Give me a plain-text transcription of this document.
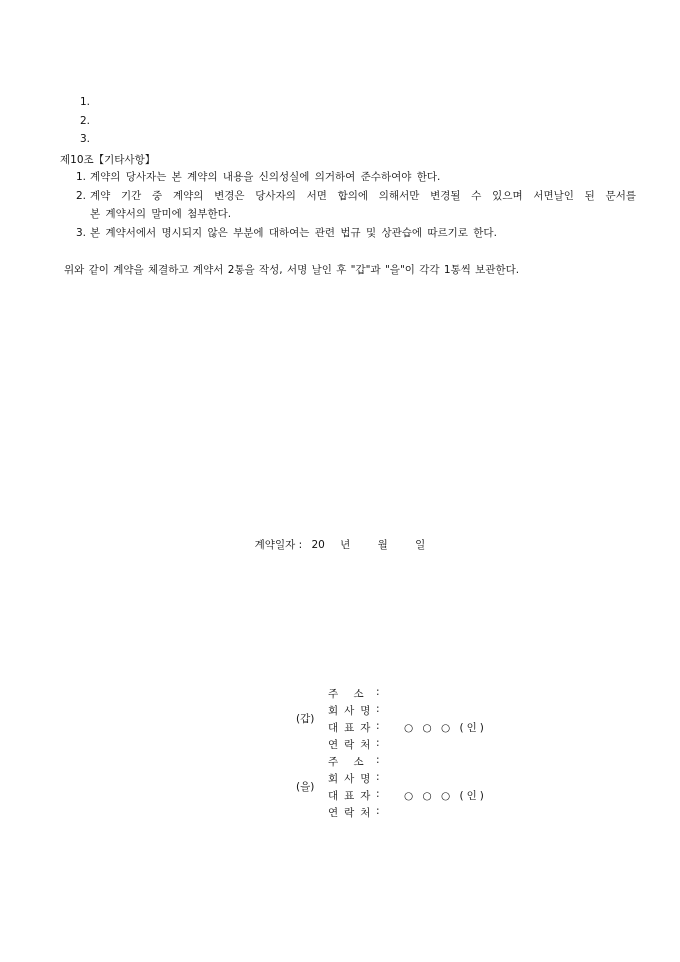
1.
2.
3.
제10조【기타사항】
1. 계약의 당사자는 본 계약의 내용을 신의성실에 의거하여 준수하여야 한다.
2. 계약 기간 중 계약의 변경은 당사자의 서면 합의에 의해서만 변경될 수 있으며 서면날인 된 문서를
본 계약서의 말미에 첨부한다.
3. 본 계약서에서 명시되지 않은 부분에 대하여는 관련 법규 및 상관습에 따르기로 한다.
위와 같이 계약을 체결하고 계약서 2통을 작성, 서명 날인 후 "갑"과 "을"이 각각 1통씩 보관한다.
계약일자 : 20 년	월	일
(갑)
주 소 :
회사명 :
대표자 : ○ ○ ○ (인)
연락처 :
(을)
주 소 :
회사명 :
대표자 : ○ ○ ○ (인)
연락처 :
